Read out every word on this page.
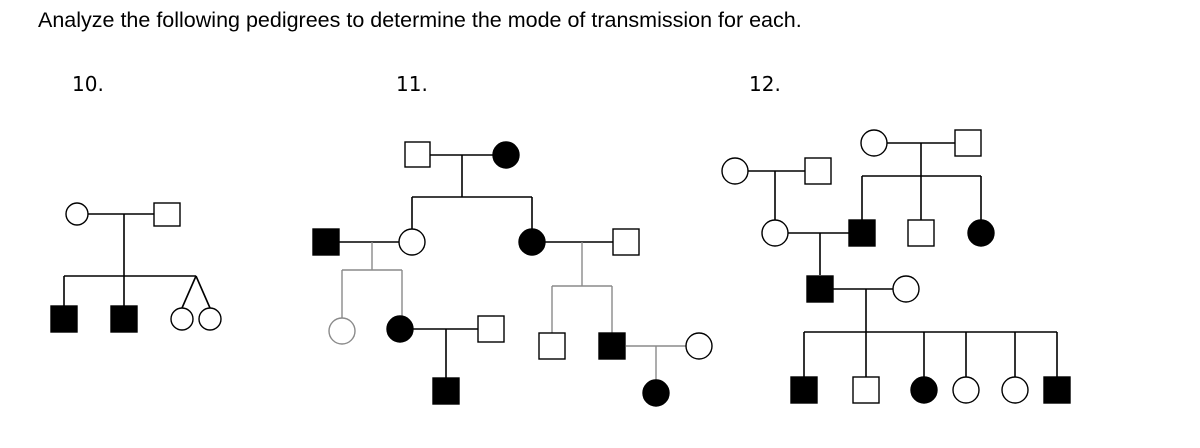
Analyze the following pedigrees to determine the mode of transmission for each.
10.	11.	12.
